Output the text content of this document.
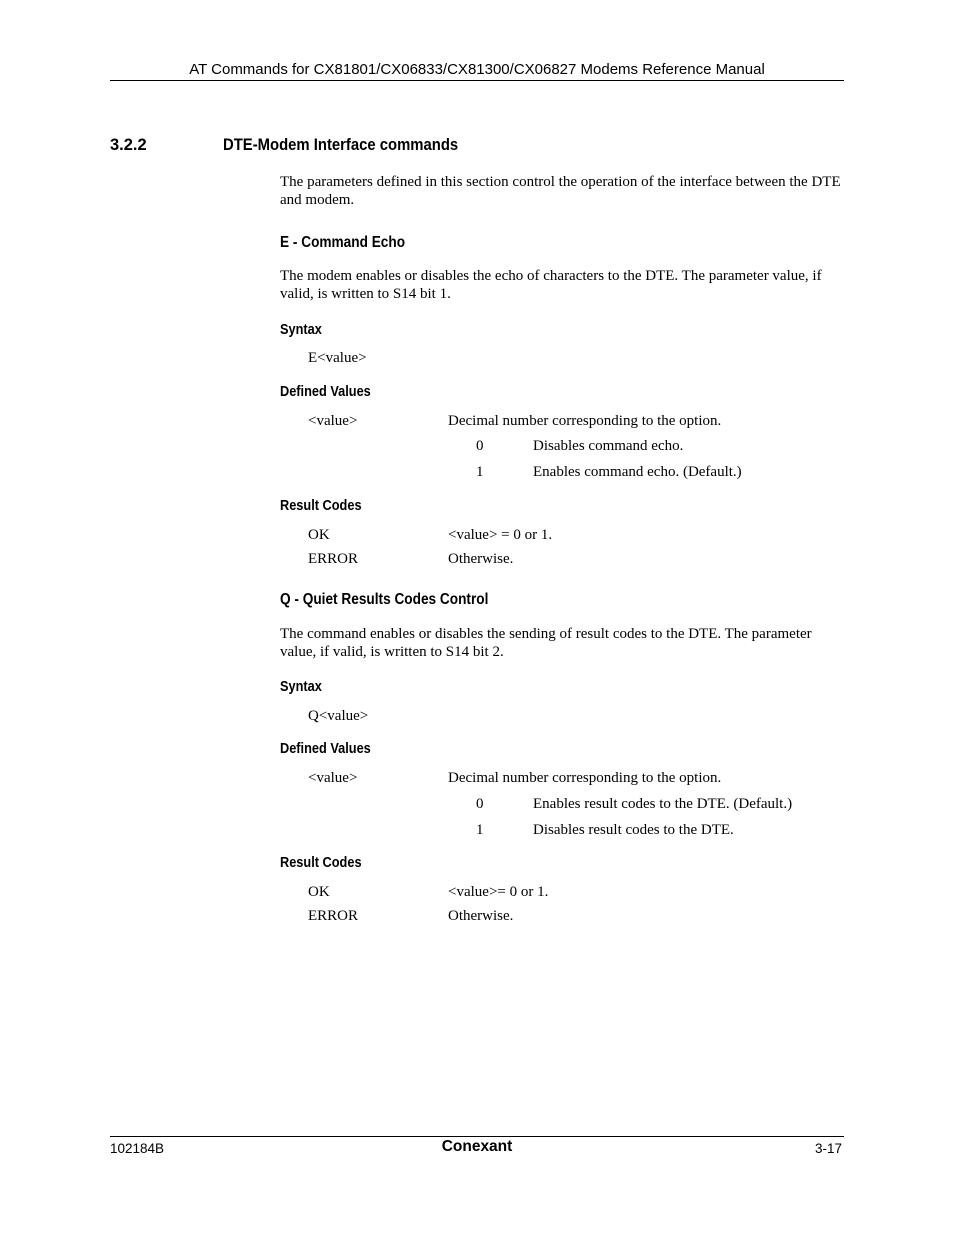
AT Commands for CX81801/CX06833/CX81300/CX06827 Modems Reference Manual
3.2.2	DTE-Modem Interface commands
The parameters defined in this section control the operation of the interface between the DTE and modem.
E - Command Echo
The modem enables or disables the echo of characters to the DTE. The parameter value, if valid, is written to S14 bit 1.
Syntax
E<value>
Defined Values
<value>	Decimal number corresponding to the option.
0	Disables command echo.
1	Enables command echo. (Default.)
Result Codes
OK	<value> = 0 or 1.
ERROR	Otherwise.
Q - Quiet Results Codes Control
The command enables or disables the sending of result codes to the DTE. The parameter value, if valid, is written to S14 bit 2.
Syntax
Q<value>
Defined Values
<value>	Decimal number corresponding to the option.
0	Enables result codes to the DTE. (Default.)
1	Disables result codes to the DTE.
Result Codes
OK	<value>= 0 or 1.
ERROR	Otherwise.
102184B	Conexant	3-17
